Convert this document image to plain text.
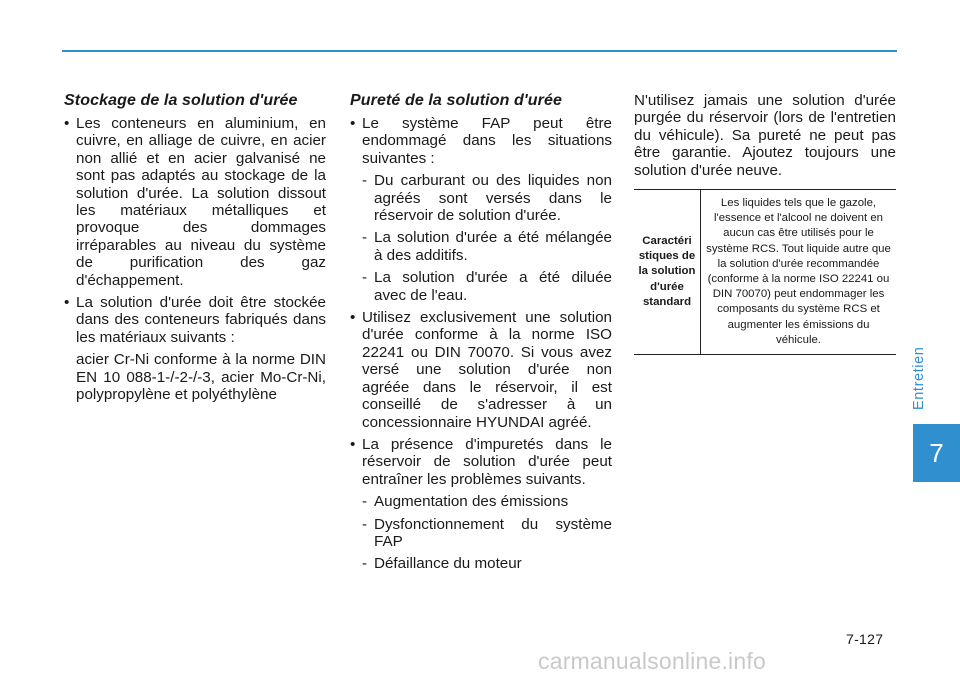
Stockage de la solution d'urée

• Les conteneurs en aluminium, en cuivre, en alliage de cuivre, en acier non allié et en acier galvanisé ne sont pas adaptés au stockage de la solution d'urée. La solution dissout les matériaux métalliques et provoque des dommages irréparables au niveau du système de purification des gaz d'échappement.

• La solution d'urée doit être stockée dans des conteneurs fabriqués dans les matériaux suivants :

acier Cr-Ni conforme à la norme DIN EN 10 088-1-/-2-/-3, acier Mo-Cr-Ni, polypropylène et polyéthylène

Pureté de la solution d'urée

• Le système FAP peut être endommagé dans les situations suivantes :

- Du carburant ou des liquides non agréés sont versés dans le réservoir de solution d'urée.

- La solution d'urée a été mélangée à des additifs.

- La solution d'urée a été diluée avec de l'eau.

• Utilisez exclusivement une solution d'urée conforme à la norme ISO 22241 ou DIN 70070. Si vous avez versé une solution d'urée non agréée dans le réservoir, il est conseillé de s'adresser à un concessionnaire HYUNDAI agréé.

• La présence d'impuretés dans le réservoir de solution d'urée peut entraîner les problèmes suivants.

- Augmentation des émissions

- Dysfonctionnement du système FAP

- Défaillance du moteur

N'utilisez jamais une solution d'urée purgée du réservoir (lors de l'entretien du véhicule). Sa pureté ne peut pas être garantie. Ajoutez toujours une solution d'urée neuve.

Caractéri stiques de la solution d'urée standard	Les liquides tels que le gazole, l'essence et l'alcool ne doivent en aucun cas être utilisés pour le système RCS. Tout liquide autre que la solution d'urée recommandée (conforme à la norme ISO 22241 ou DIN 70070) peut endommager les composants du système RCS et augmenter les émissions du véhicule.
Entretien
7
7-127
carmanualsonline.info
